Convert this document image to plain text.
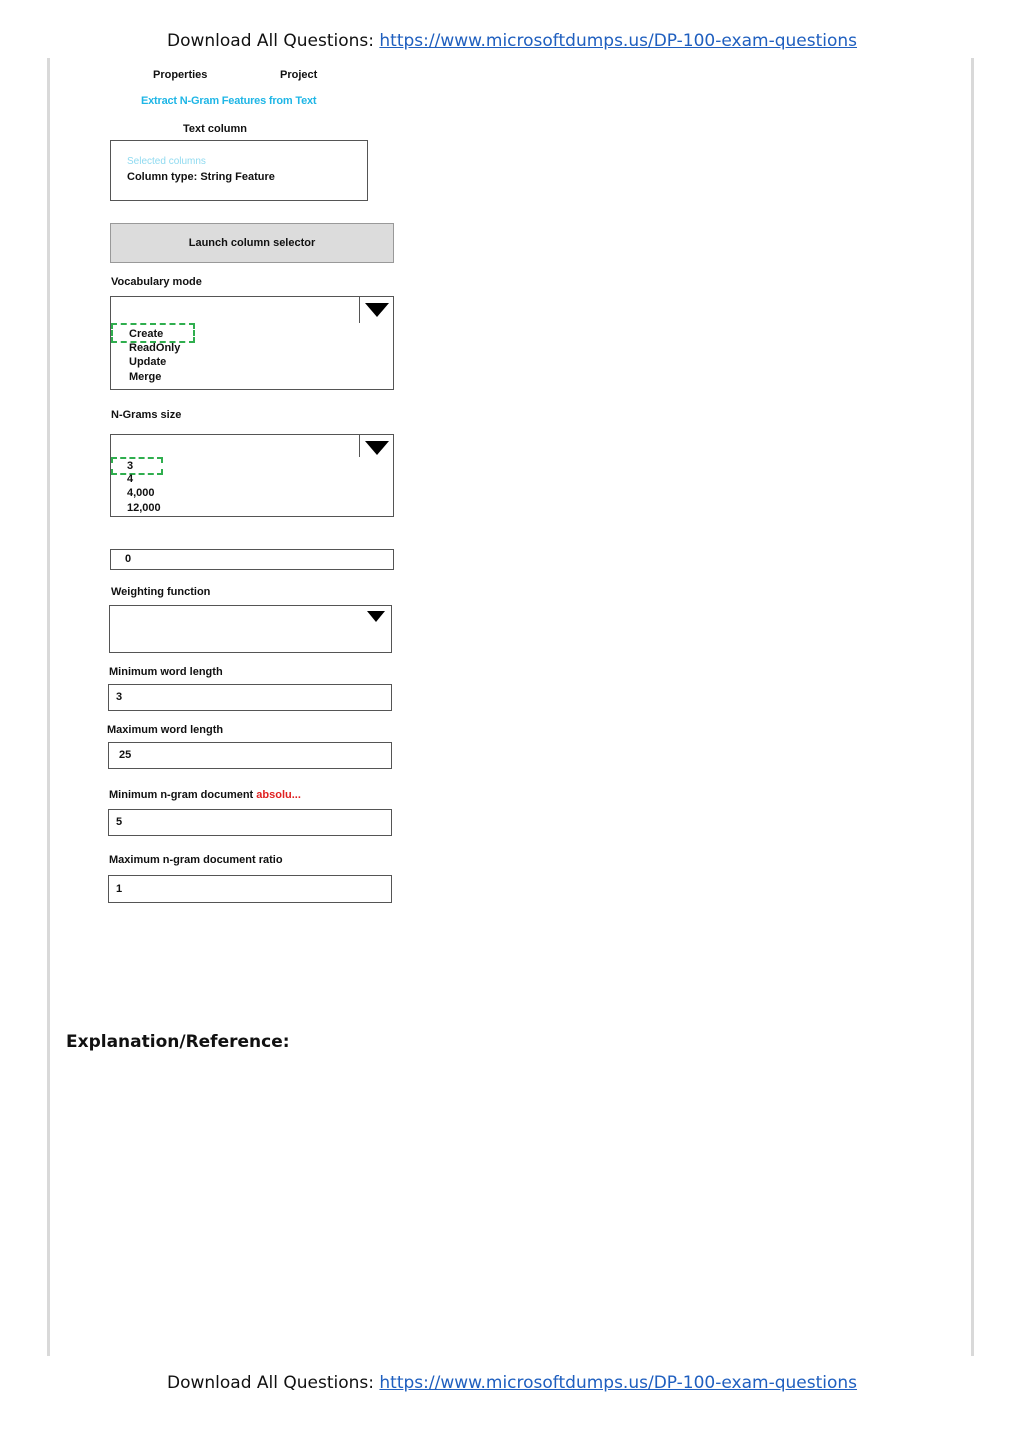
Download All Questions: https://www.microsoftdumps.us/DP-100-exam-questions
Properties	Project
Extract N-Gram Features from Text
Text column
Selected columns
Column type: String Feature
Launch column selector
Vocabulary mode
Create
ReadOnly
Update
Merge
N-Grams size
3
4
4,000
12,000
0
Weighting function
Minimum word length
3
Maximum word length
25
Minimum n-gram document absolu...
5
Maximum n-gram document ratio
1
Explanation/Reference:
Download All Questions: https://www.microsoftdumps.us/DP-100-exam-questions
